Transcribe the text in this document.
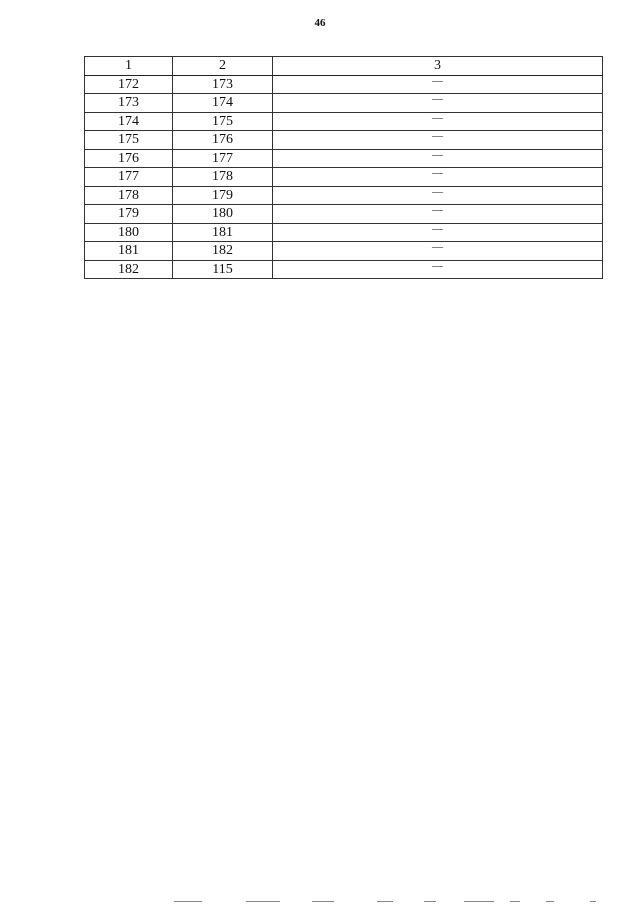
46
1	2	3
172	173	—
173	174	—
174	175	—
175	176	—
176	177	—
177	178	—
178	179	—
179	180	—
180	181	—
181	182	—
182	115	—
